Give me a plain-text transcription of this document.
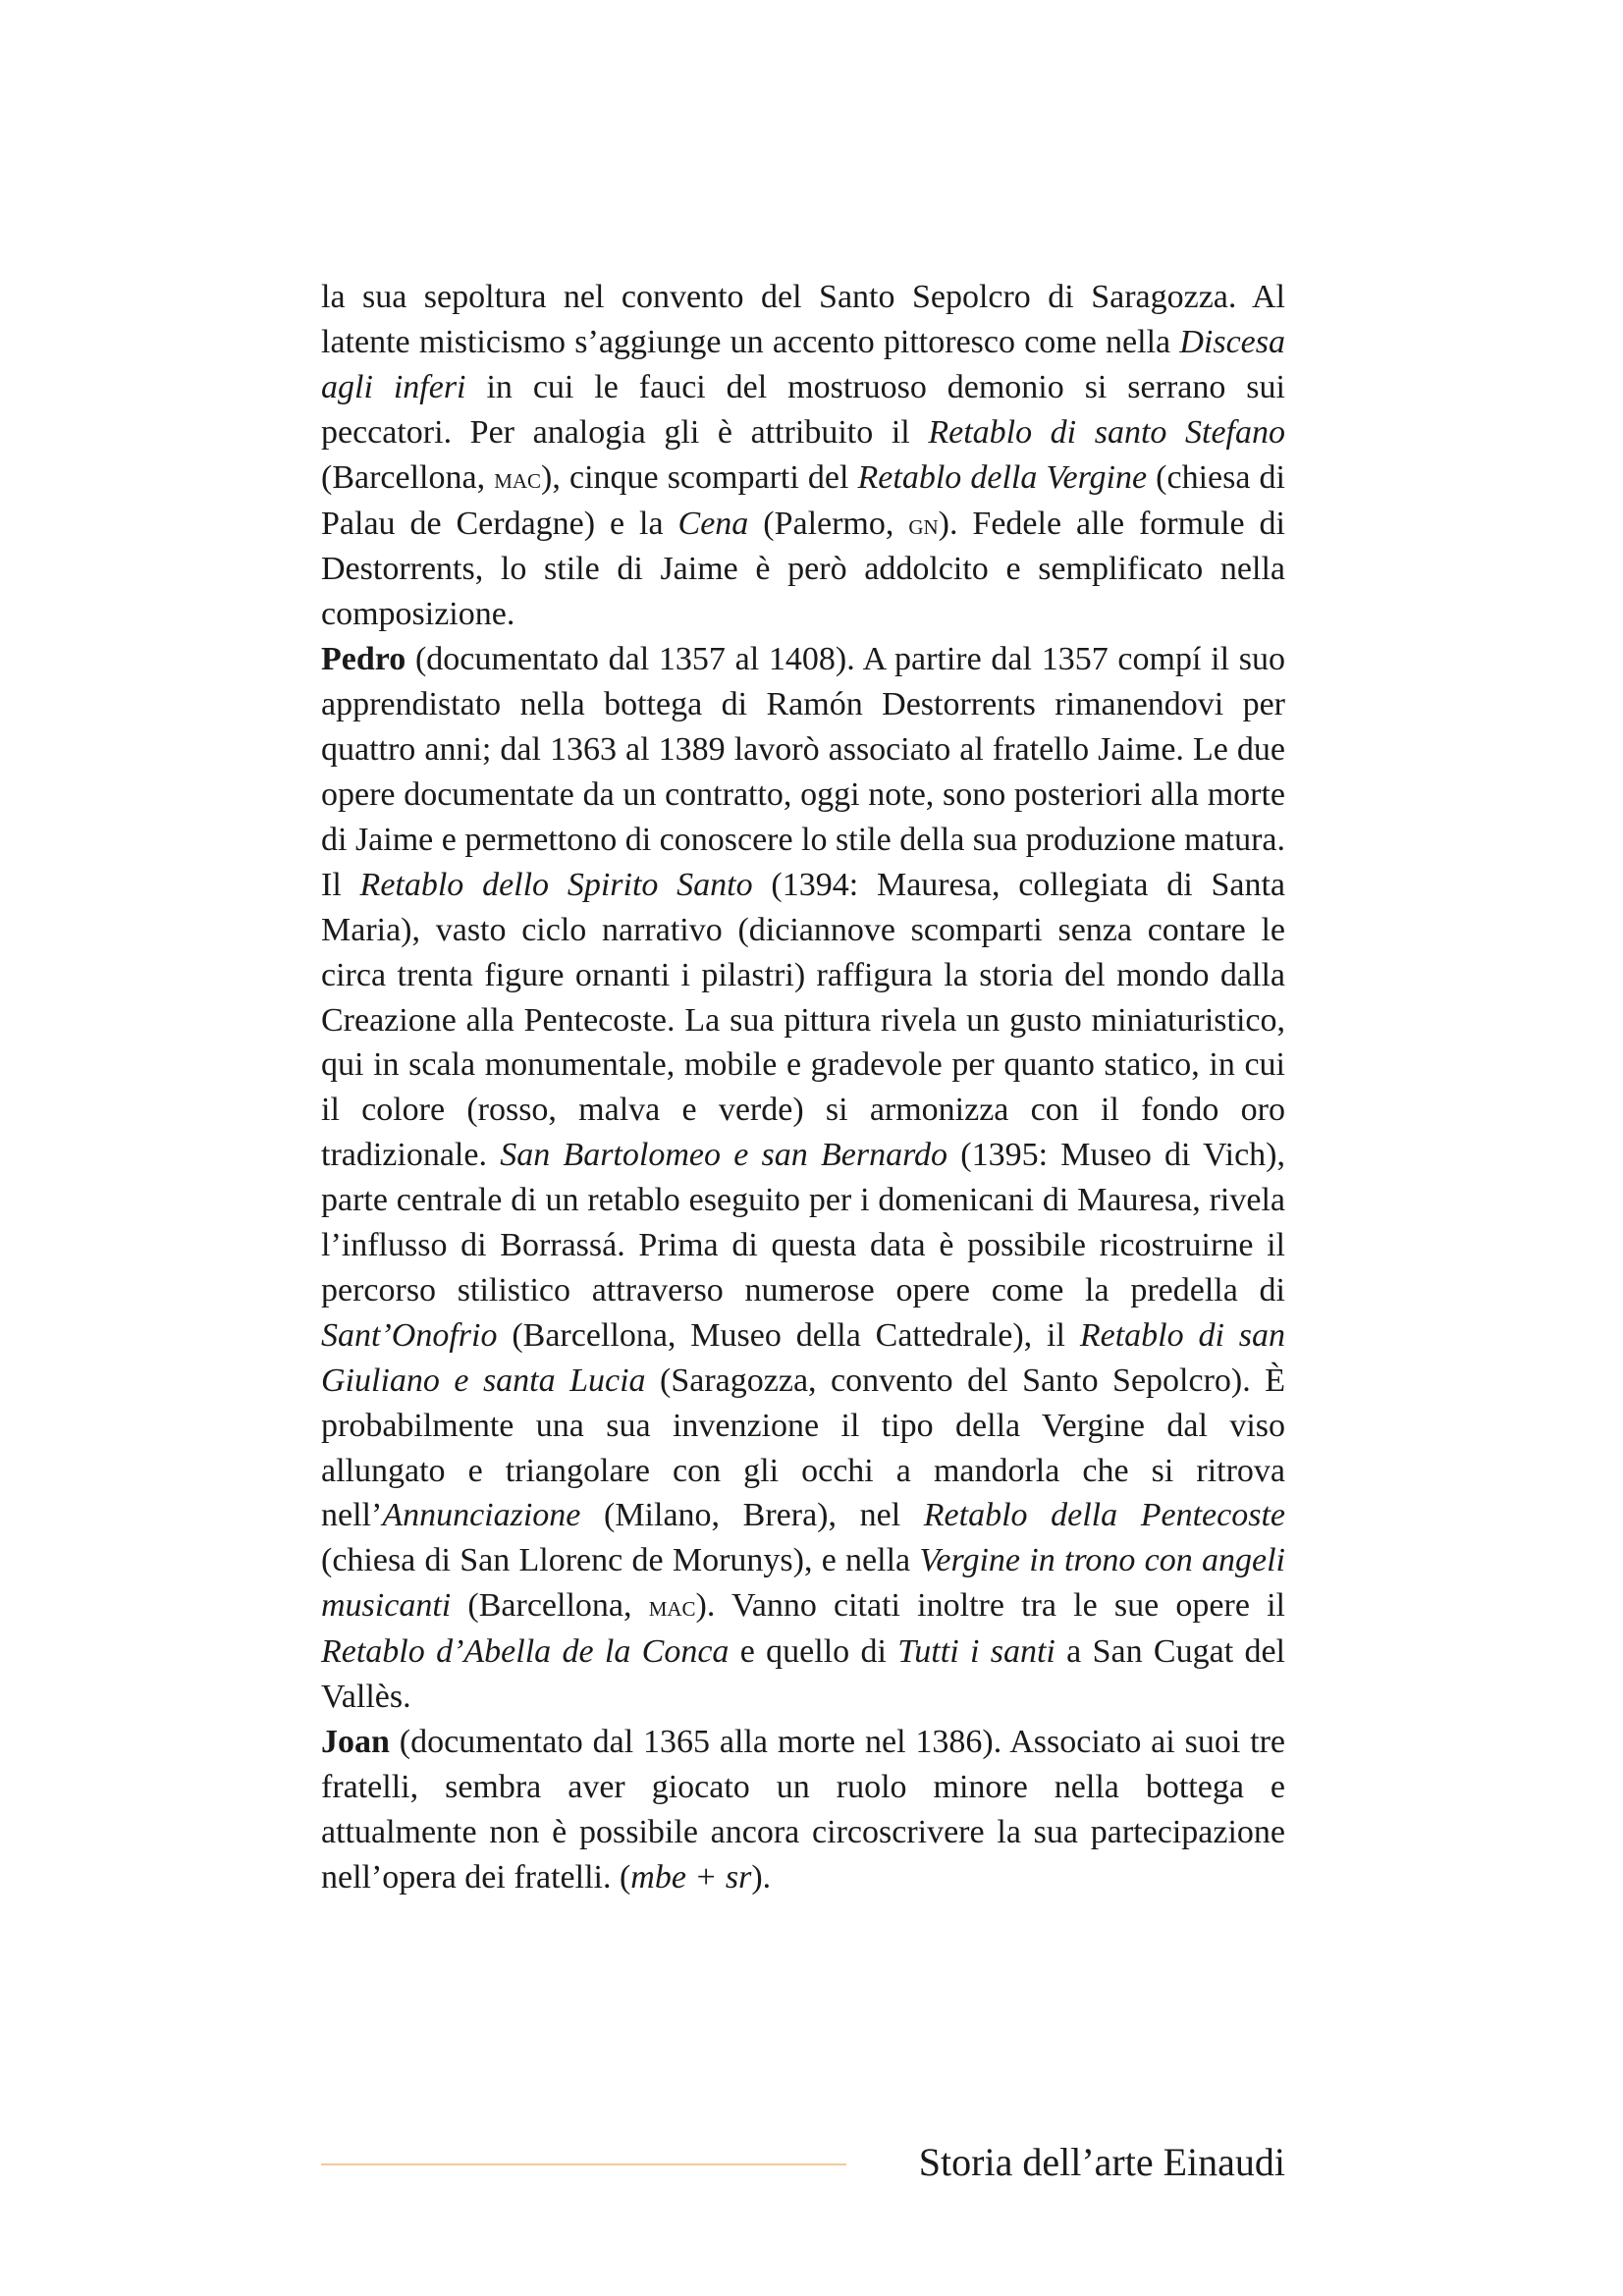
la sua sepoltura nel convento del Santo Sepolcro di Saragozza. Al latente misticismo s’aggiunge un accento pittoresco come nella Discesa agli inferi in cui le fauci del mostruoso demonio si serrano sui peccatori. Per analogia gli è attribuito il Retablo di santo Stefano (Barcellona, mac), cinque scomparti del Retablo della Vergine (chiesa di Palau de Cerdagne) e la Cena (Palermo, gn). Fedele alle formule di Destorrents, lo stile di Jaime è però addolcito e semplificato nella composizione.

Pedro (documentato dal 1357 al 1408). A partire dal 1357 compí il suo apprendistato nella bottega di Ramón Destorrents rimanendovi per quattro anni; dal 1363 al 1389 lavorò associato al fratello Jaime. Le due opere documentate da un contratto, oggi note, sono posteriori alla morte di Jaime e permettono di conoscere lo stile della sua produzione matura. Il Retablo dello Spirito Santo (1394: Mauresa, collegiata di Santa Maria), vasto ciclo narrativo (diciannove scomparti senza contare le circa trenta figure ornanti i pilastri) raffigura la storia del mondo dalla Creazione alla Pentecoste. La sua pittura rivela un gusto miniaturistico, qui in scala monumentale, mobile e gradevole per quanto statico, in cui il colore (rosso, malva e verde) si armonizza con il fondo oro tradizionale. San Bartolomeo e san Bernardo (1395: Museo di Vich), parte centrale di un retablo eseguito per i domenicani di Mauresa, rivela l’influsso di Borrassá. Prima di questa data è possibile ricostruirne il percorso stilistico attraverso numerose opere come la predella di Sant’Onofrio (Barcellona, Museo della Cattedrale), il Retablo di san Giuliano e santa Lucia (Saragozza, convento del Santo Sepolcro). È probabilmente una sua invenzione il tipo della Vergine dal viso allungato e triangolare con gli occhi a mandorla che si ritrova nell’Annunciazione (Milano, Brera), nel Retablo della Pentecoste (chiesa di San Llorenc de Morunys), e nella Vergine in trono con angeli musicanti (Barcellona, mac). Vanno citati inoltre tra le sue opere il Retablo d’Abella de la Conca e quello di Tutti i santi a San Cugat del Vallès.

Joan (documentato dal 1365 alla morte nel 1386). Associato ai suoi tre fratelli, sembra aver giocato un ruolo minore nella bottega e attualmente non è possibile ancora circoscrivere la sua partecipazione nell’opera dei fratelli. (mbe + sr).

Storia dell’arte Einaudi
